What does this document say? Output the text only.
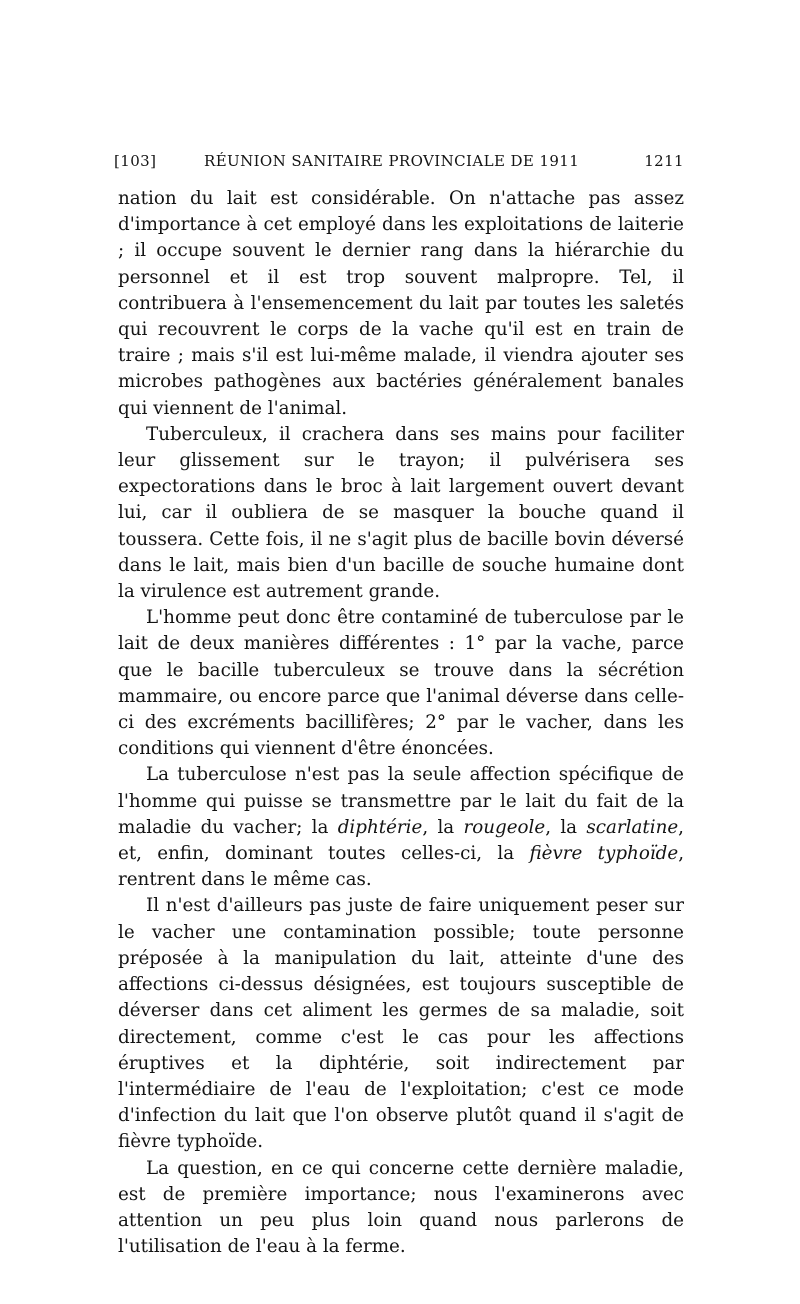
[103]	RÉUNION SANITAIRE PROVINCIALE DE 1911	1211

nation du lait est considérable. On n'attache pas assez d'importance à cet employé dans les exploitations de laiterie ; il occupe souvent le dernier rang dans la hiérarchie du personnel et il est trop souvent malpropre. Tel, il contribuera à l'ensemencement du lait par toutes les saletés qui recouvrent le corps de la vache qu'il est en train de traire ; mais s'il est lui-même malade, il viendra ajouter ses microbes pathogènes aux bactéries généralement banales qui viennent de l'animal.

Tuberculeux, il crachera dans ses mains pour faciliter leur glissement sur le trayon; il pulvérisera ses expectorations dans le broc à lait largement ouvert devant lui, car il oubliera de se masquer la bouche quand il toussera. Cette fois, il ne s'agit plus de bacille bovin déversé dans le lait, mais bien d'un bacille de souche humaine dont la virulence est autrement grande.

L'homme peut donc être contaminé de tuberculose par le lait de deux manières différentes : 1° par la vache, parce que le bacille tuberculeux se trouve dans la sécrétion mammaire, ou encore parce que l'animal déverse dans celle-ci des excréments bacillifères; 2° par le vacher, dans les conditions qui viennent d'être énoncées.

La tuberculose n'est pas la seule affection spécifique de l'homme qui puisse se transmettre par le lait du fait de la maladie du vacher; la diphtérie, la rougeole, la scarlatine, et, enfin, dominant toutes celles-ci, la fièvre typhoïde, rentrent dans le même cas.

Il n'est d'ailleurs pas juste de faire uniquement peser sur le vacher une contamination possible; toute personne préposée à la manipulation du lait, atteinte d'une des affections ci-dessus désignées, est toujours susceptible de déverser dans cet aliment les germes de sa maladie, soit directement, comme c'est le cas pour les affections éruptives et la diphtérie, soit indirectement par l'intermédiaire de l'eau de l'exploitation; c'est ce mode d'infection du lait que l'on observe plutôt quand il s'agit de fièvre typhoïde.

La question, en ce qui concerne cette dernière maladie, est de première importance; nous l'examinerons avec attention un peu plus loin quand nous parlerons de l'utilisation de l'eau à la ferme.
